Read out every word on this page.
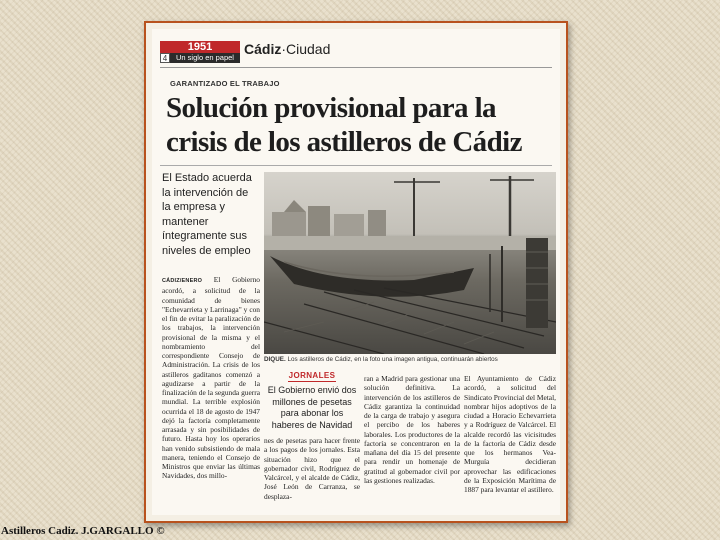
1951
4	Un siglo en papel
Cádiz·Ciudad
GARANTIZADO EL TRABAJO
Solución provisional para la crisis de los astilleros de Cádiz
El Estado acuerda la intervención de la empresa y mantener íntegramente sus niveles de empleo
DIQUE. Los astilleros de Cádiz, en la foto una imagen antigua, continuarán abiertos

CÁDIZ/ENERO El Gobierno acordó, a solicitud de la comunidad de bienes "Echevarrieta y Larrinaga" y con el fin de evitar la paralización de los trabajos, la intervención provisional de la misma y el nombramiento del correspondiente Consejo de Administración. La crisis de los astilleros gaditanos comenzó a agudizarse a partir de la finalización de la segunda guerra mundial. La terrible explosión ocurrida el 18 de agosto de 1947 dejó la factoría completamente arrasada y sin posibilidades de futuro. Hasta hoy los operarios han venido subsistiendo de mala manera, teniendo el Consejo de Ministros que enviar las últimas Navidades, dos millo-

JORNALES
El Gobierno envió dos millones de pesetas para abonar los haberes de Navidad

nes de pesetas para hacer frente a los pagos de los jornales. Esta situación hizo que el gobernador civil, Rodríguez de Valcárcel, y el alcalde de Cádiz, José León de Carranza, se desplaza-

ran a Madrid para gestionar una solución definitiva. La intervención de los astilleros de Cádiz garantiza la continuidad de la carga de trabajo y asegura el percibo de los haberes laborales. Los productores de la factoría se concentraron en la mañana del día 15 del presente para rendir un homenaje de gratitud al gobernador civil por las gestiones realizadas.

El Ayuntamiento de Cádiz acordó, a solicitud del Sindicato Provincial del Metal, nombrar hijos adoptivos de la ciudad a Horacio Echevarrieta y a Rodríguez de Valcárcel. El alcalde recordó las vicisitudes de la factoría de Cádiz desde que los hermanos Vea-Murguía decidieran aprovechar las edificaciones de la Exposición Marítima de 1887 para levantar el astillero.

Astilleros Cadiz. J.GARGALLO ©
